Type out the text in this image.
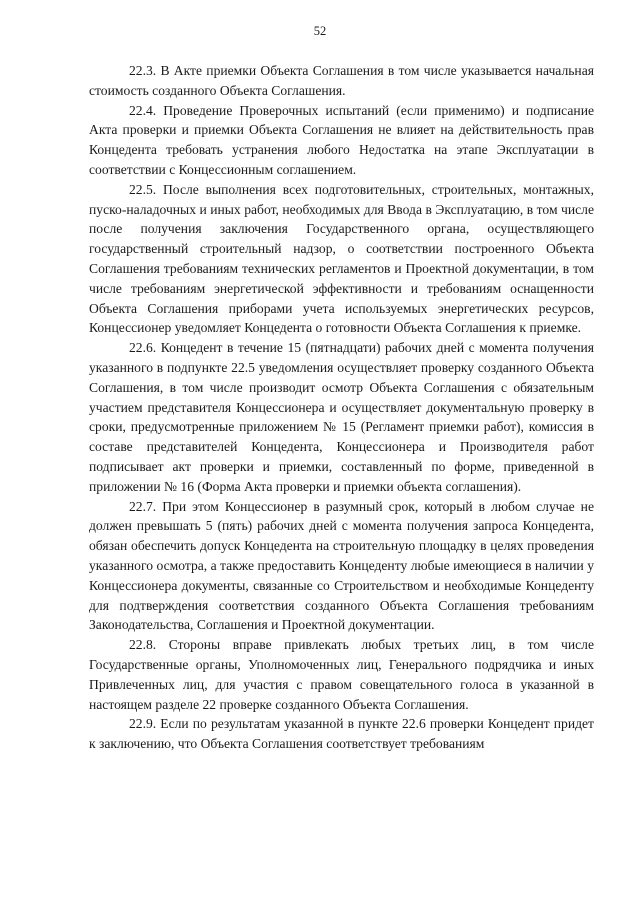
52

22.3. В Акте приемки Объекта Соглашения в том числе указывается начальная стоимость созданного Объекта Соглашения.

22.4. Проведение Проверочных испытаний (если применимо) и подписание Акта проверки и приемки Объекта Соглашения не влияет на действительность прав Концедента требовать устранения любого Недостатка на этапе Эксплуатации в соответствии с Концессионным соглашением.

22.5. После выполнения всех подготовительных, строительных, монтажных, пуско-наладочных и иных работ, необходимых для Ввода в Эксплуатацию, в том числе после получения заключения Государственного органа, осуществляющего государственный строительный надзор, о соответствии построенного Объекта Соглашения требованиям технических регламентов и Проектной документации, в том числе требованиям энергетической эффективности и требованиям оснащенности Объекта Соглашения приборами учета используемых энергетических ресурсов, Концессионер уведомляет Концедента о готовности Объекта Соглашения к приемке.

22.6. Концедент в течение 15 (пятнадцати) рабочих дней с момента получения указанного в подпункте 22.5 уведомления осуществляет проверку созданного Объекта Соглашения, в том числе производит осмотр Объекта Соглашения с обязательным участием представителя Концессионера и осуществляет документальную проверку в сроки, предусмотренные приложением № 15 (Регламент приемки работ), комиссия в составе представителей Концедента, Концессионера и Производителя работ подписывает акт проверки и приемки, составленный по форме, приведенной в приложении № 16 (Форма Акта проверки и приемки объекта соглашения).

22.7. При этом Концессионер в разумный срок, который в любом случае не должен превышать 5 (пять) рабочих дней с момента получения запроса Концедента, обязан обеспечить допуск Концедента на строительную площадку в целях проведения указанного осмотра, а также предоставить Концеденту любые имеющиеся в наличии у Концессионера документы, связанные со Строительством и необходимые Концеденту для подтверждения соответствия созданного Объекта Соглашения требованиям Законодательства, Соглашения и Проектной документации.

22.8. Стороны вправе привлекать любых третьих лиц, в том числе Государственные органы, Уполномоченных лиц, Генерального подрядчика и иных Привлеченных лиц, для участия с правом совещательного голоса в указанной в настоящем разделе 22 проверке созданного Объекта Соглашения.

22.9. Если по результатам указанной в пункте 22.6 проверки Концедент придет к заключению, что Объекта Соглашения соответствует требованиям
